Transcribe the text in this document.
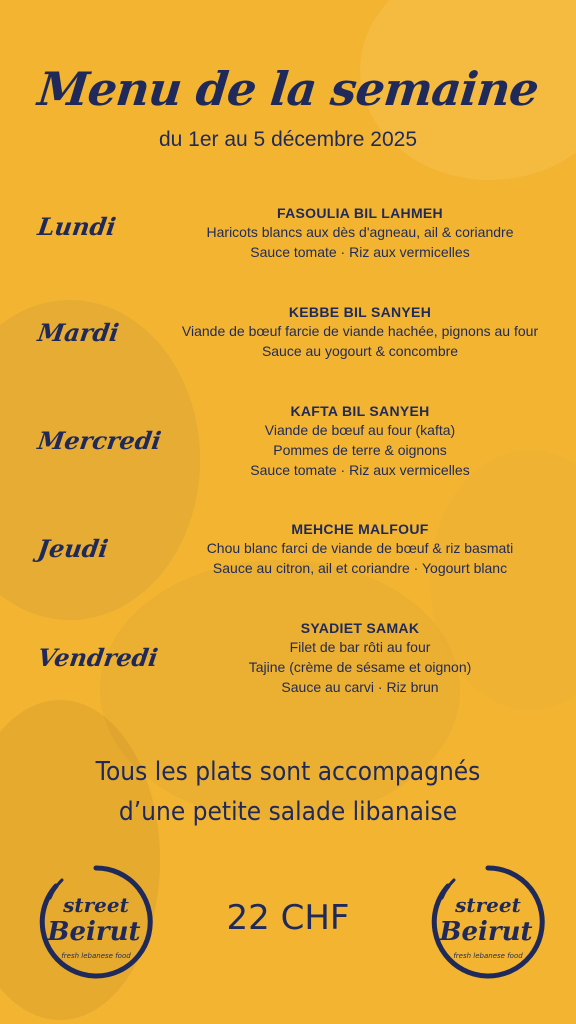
Menu de la semaine
du 1er au 5 décembre 2025
Lundi	FASOULIA BIL LAHMEH
Haricots blancs aux dès d'agneau, ail & coriandre
Sauce tomate · Riz aux vermicelles
Mardi
KEBBE BIL SANYEH
Viande de bœuf farcie de viande hachée, pignons au four
Sauce au yogourt & concombre
Mercredi
KAFTA BIL SANYEH
Viande de bœuf au four (kafta)
Pommes de terre & oignons
Sauce tomate · Riz aux vermicelles
Jeudi
MEHCHE MALFOUF
Chou blanc farci de viande de bœuf & riz basmati
Sauce au citron, ail et coriandre · Yogourt blanc
Vendredi
SYADIET SAMAK
Filet de bar rôti au four
Tajine (crème de sésame et oignon)
Sauce au carvi · Riz brun
Tous les plats sont accompagnés
d’une petite salade libanaise
22 CHF
street
Beirut
fresh lebanese food
street
Beirut
fresh lebanese food
